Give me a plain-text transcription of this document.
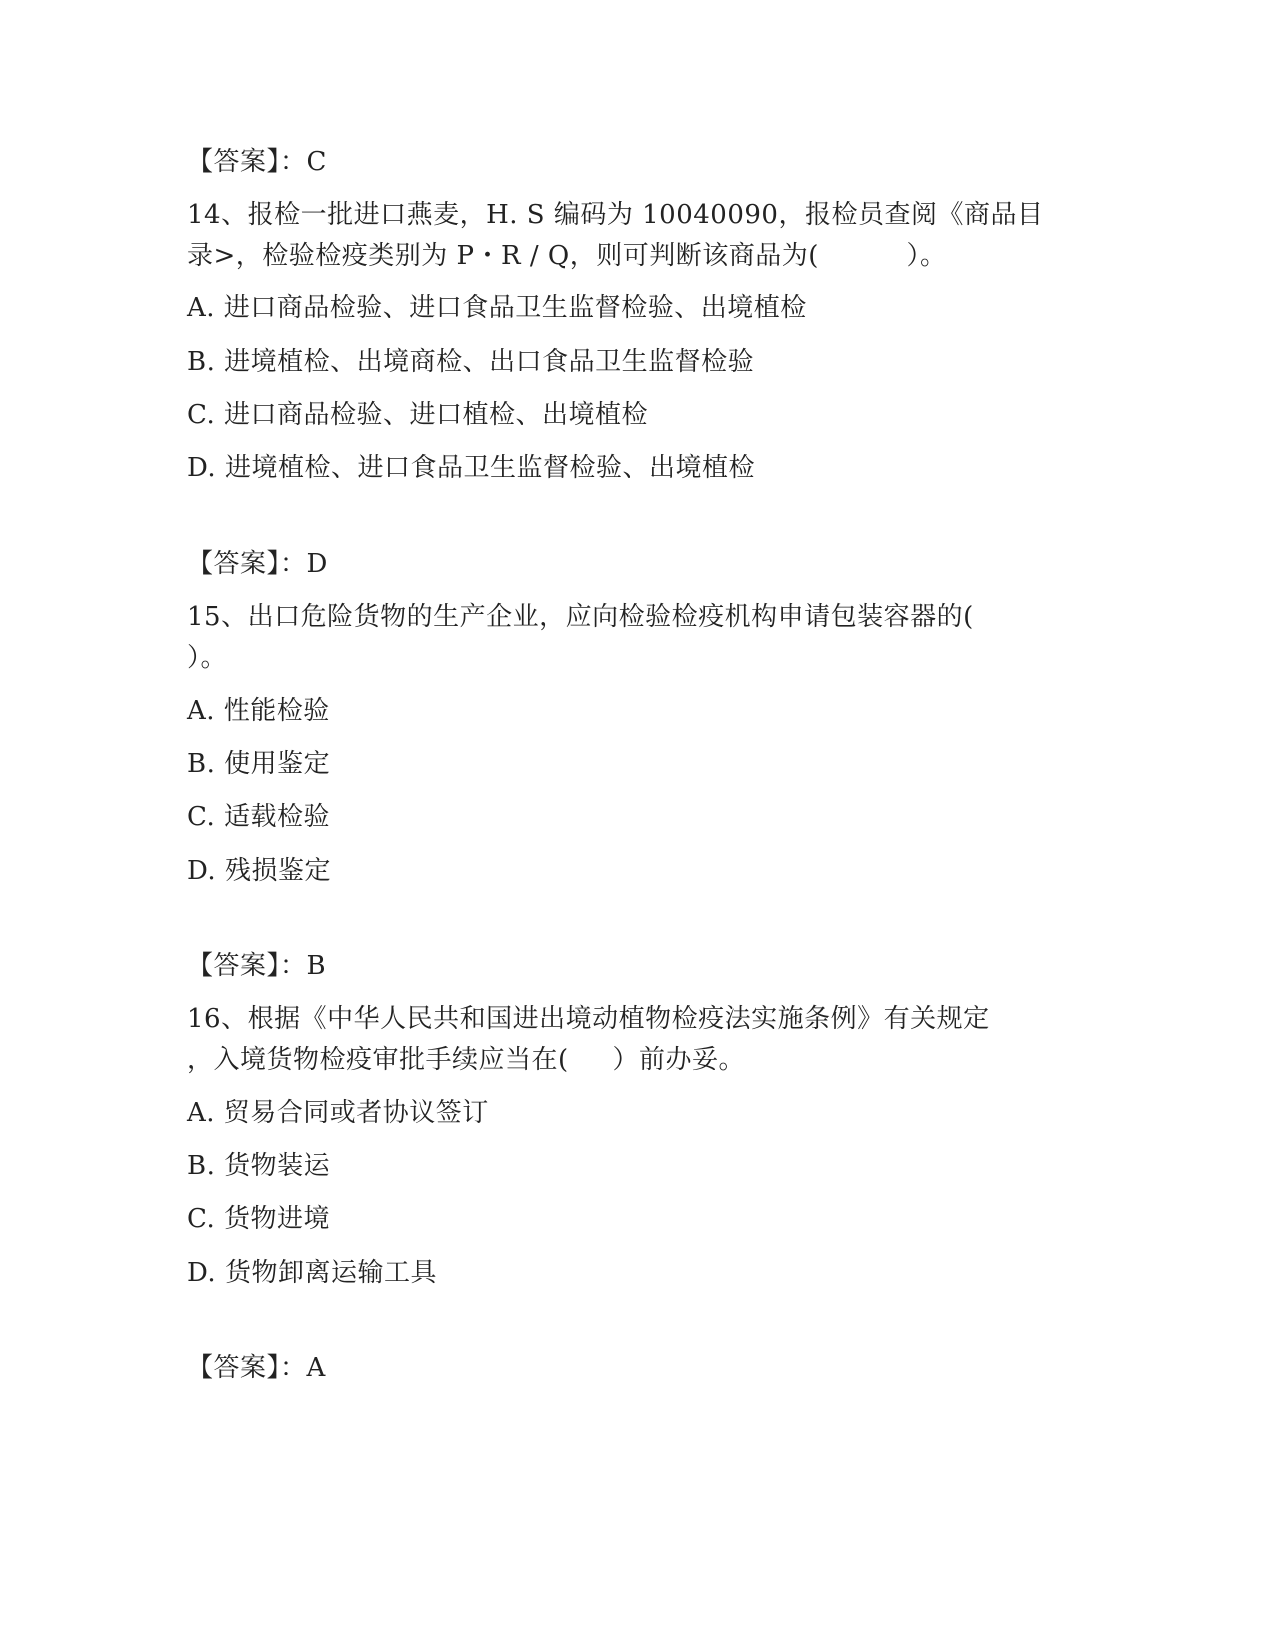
【答案】：C
14、报检一批进口燕麦，H. S 编码为 10040090，报检员查阅《商品目
录>，检验检疫类别为 P・R / Q，则可判断该商品为(          ）。
A. 进口商品检验、进口食品卫生监督检验、出境植检
B. 进境植检、出境商检、出口食品卫生监督检验
C. 进口商品检验、进口植检、出境植检
D. 进境植检、进口食品卫生监督检验、出境植检
【答案】：D
15、出口危险货物的生产企业，应向检验检疫机构申请包装容器的(
）。
A. 性能检验
B. 使用鉴定
C. 适载检验
D. 残损鉴定
【答案】：B
16、根据《中华人民共和国进出境动植物检疫法实施条例》有关规定
，入境货物检疫审批手续应当在(     ）前办妥。
A. 贸易合同或者协议签订
B. 货物装运
C. 货物进境
D. 货物卸离运输工具
【答案】：A
